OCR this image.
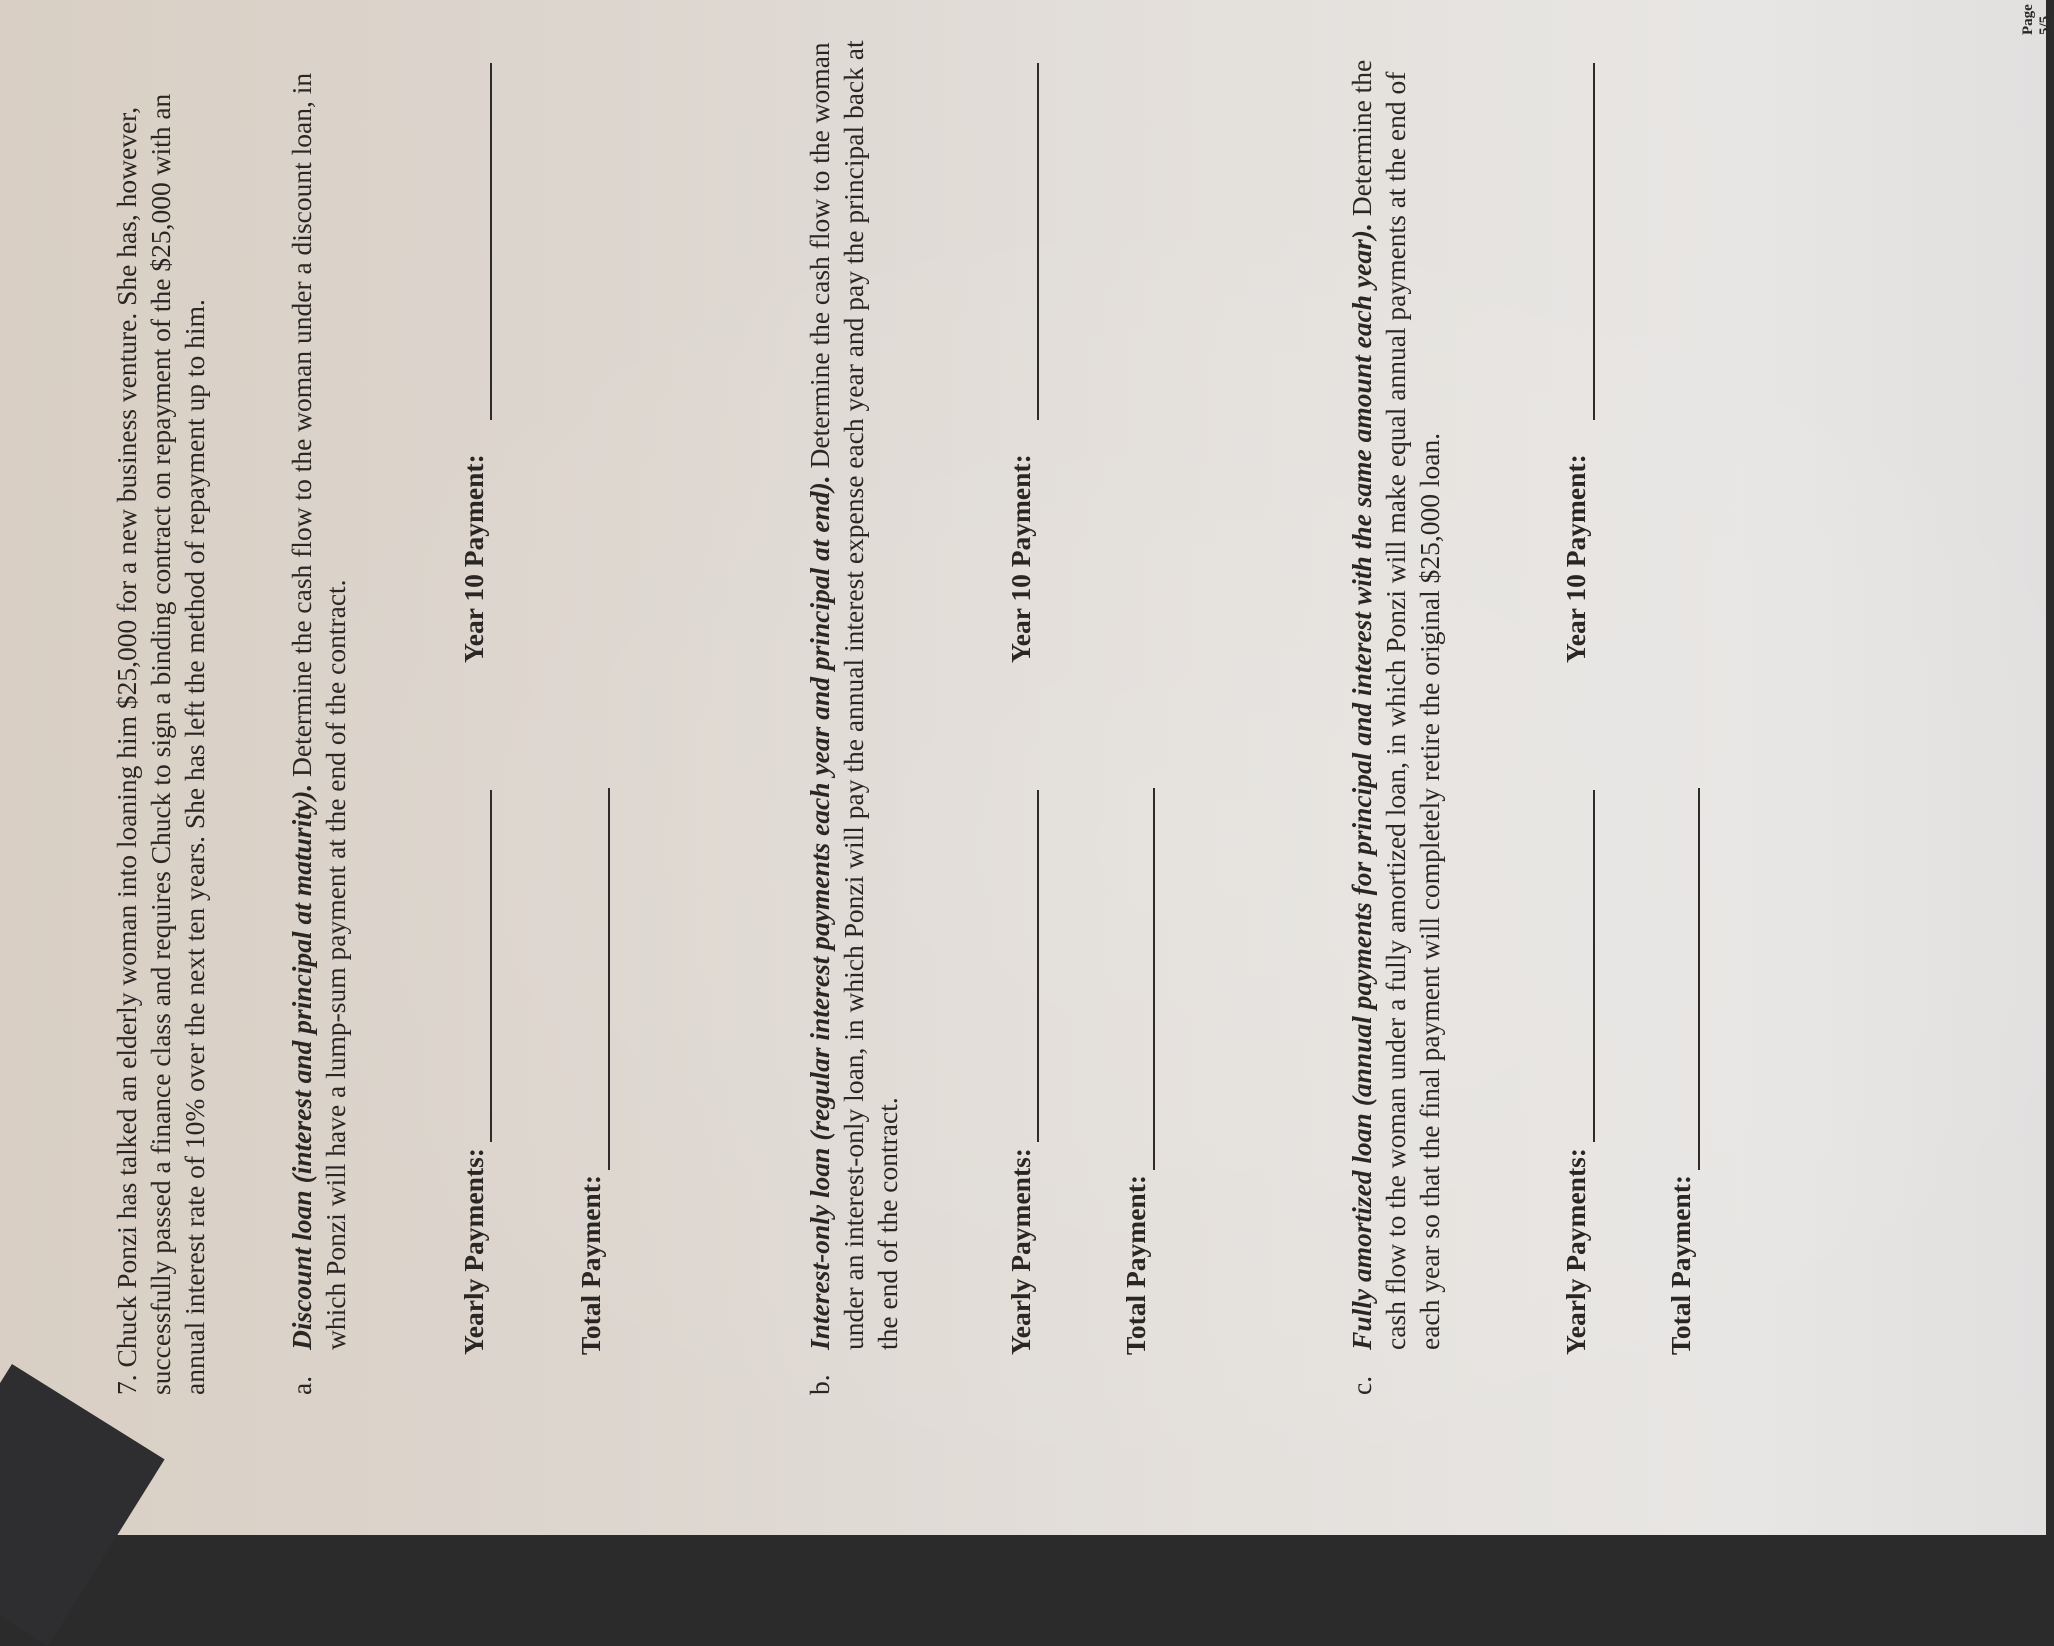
7. Chuck Ponzi has talked an elderly woman into loaning him $25,000 for a new business venture. She has, however, successfully passed a finance class and requires Chuck to sign a binding contract on repayment of the $25,000 with an annual interest rate of 10% over the next ten years. She has left the method of repayment up to him.	a.
Discount loan (interest and principal at maturity). Determine the cash flow to the woman under a discount loan, in which Ponzi will have a lump-sum payment at the end of the contract.	Yearly Payments:
Year 10 Payment:
Total Payment:
b.
Interest-only loan (regular interest payments each year and principal at end). Determine the cash flow to the woman under an interest-only loan, in which Ponzi will pay the annual interest expense each year and pay the principal back at the end of the contract.	Yearly Payments:
Year 10 Payment:
Total Payment:
c.
Fully amortized loan (annual payments for principal and interest with the same amount each year). Determine the cash flow to the woman under a fully amortized loan, in which Ponzi will make equal annual payments at the end of each year so that the final payment will completely retire the original $25,000 loan.	Yearly Payments:
Year 10 Payment:
Total Payment:
Page 5/5
